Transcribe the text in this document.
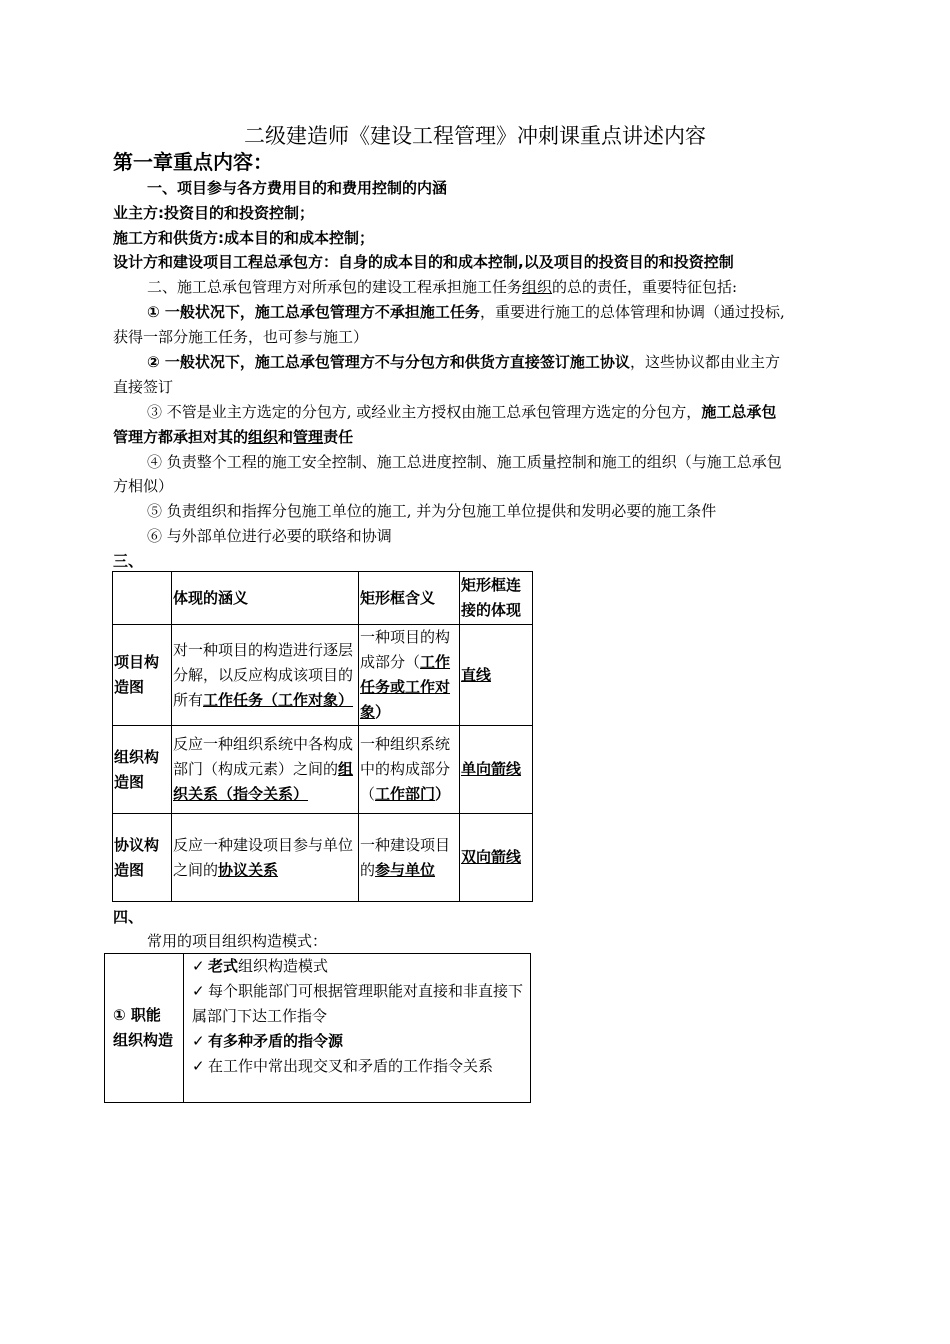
二级建造师《建设工程管理》冲刺课重点讲述内容
第一章重点内容：
一、项目参与各方费用目的和费用控制的内涵
业主方:投资目的和投资控制；
施工方和供货方:成本目的和成本控制；
设计方和建设项目工程总承包方：自身的成本目的和成本控制,以及项目的投资目的和投资控制
二、施工总承包管理方对所承包的建设工程承担施工任务组织的总的责任，重要特征包括:
① 一般状况下，施工总承包管理方不承担施工任务，重要进行施工的总体管理和协调（通过投标,
获得一部分施工任务，也可参与施工）
② 一般状况下，施工总承包管理方不与分包方和供货方直接签订施工协议，这些协议都由业主方
直接签订
③ 不管是业主方选定的分包方, 或经业主方授权由施工总承包管理方选定的分包方，施工总承包
管理方都承担对其的组织和管理责任
④ 负责整个工程的施工安全控制、施工总进度控制、施工质量控制和施工的组织（与施工总承包
方相似）
⑤ 负责组织和指挥分包施工单位的施工, 并为分包施工单位提供和发明必要的施工条件
⑥ 与外部单位进行必要的联络和协调
三、
	体现的涵义	矩形框含义	矩形框连接的体现
项目构造图	对一种项目的构造进行逐层分解，以反应构成该项目的所有工作任务（工作对象）	一种项目的构成部分（工作任务或工作对象）	直线
组织构造图	反应一种组织系统中各构成部门（构成元素）之间的组织关系（指令关系）	一种组织系统中的构成部分（工作部门）	单向箭线
协议构造图	反应一种建设项目参与单位之间的协议关系	一种建设项目的参与单位	双向箭线
四、
常用的项目组织构造模式：
① 职能组织构造	
✓ 老式组织构造模式
✓ 每个职能部门可根据管理职能对直接和非直接下属部门下达工作指令
✓ 有多种矛盾的指令源
✓ 在工作中常出现交叉和矛盾的工作指令关系
